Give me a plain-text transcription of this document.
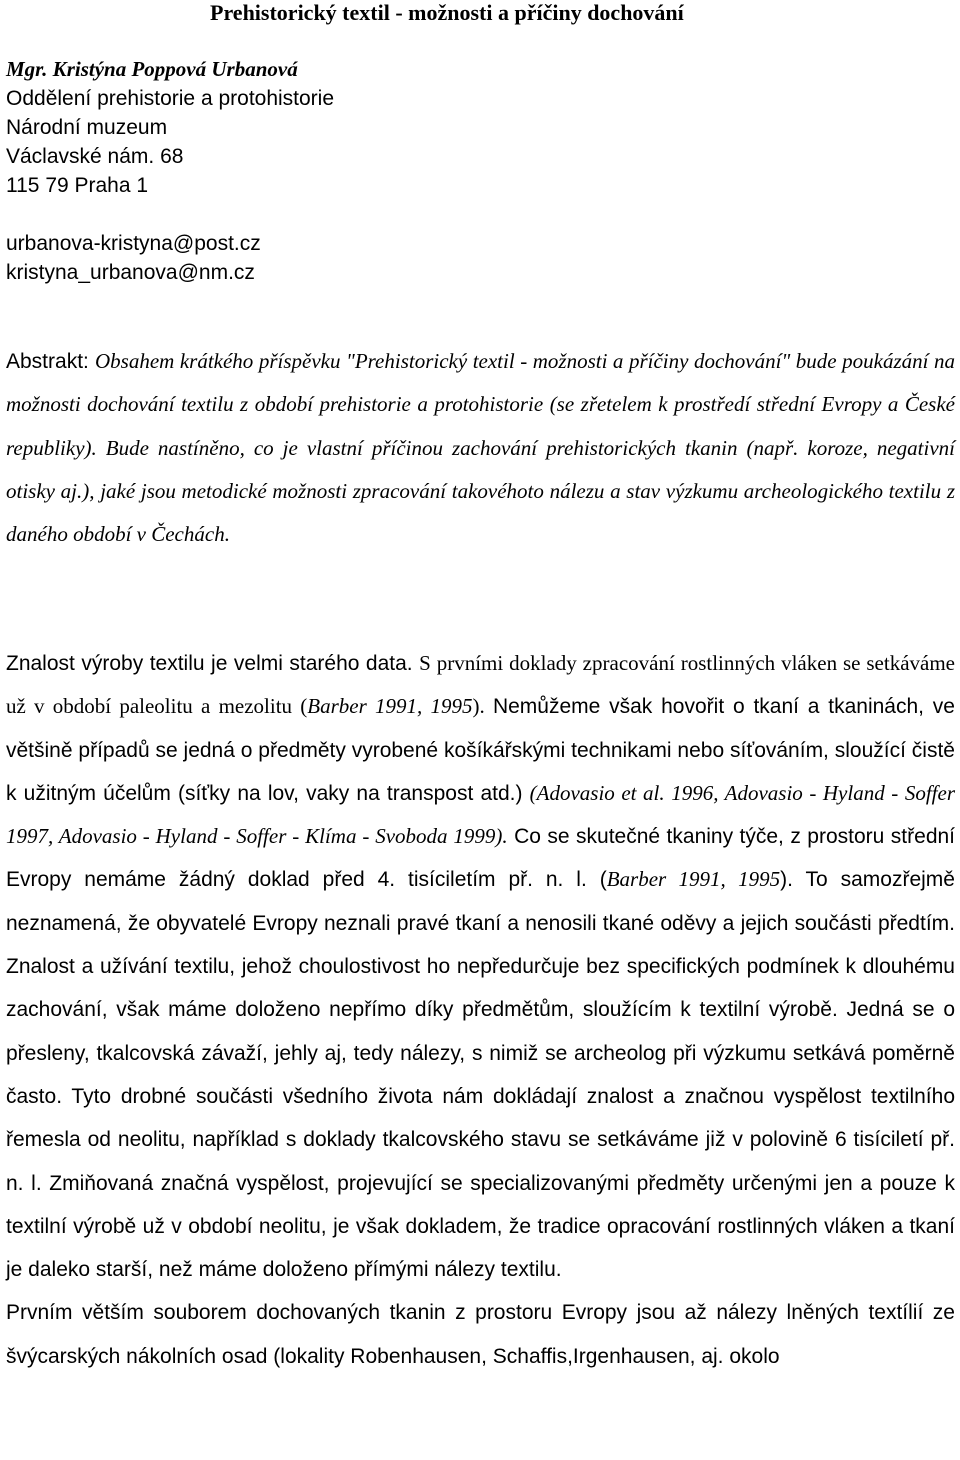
Prehistorický textil - možnosti a příčiny dochování
Mgr. Kristýna Poppová Urbanová
Oddělení prehistorie a protohistorie
Národní muzeum
Václavské nám. 68
115 79 Praha 1
urbanova-kristyna@post.cz
kristyna_urbanova@nm.cz
Abstrakt: Obsahem krátkého příspěvku "Prehistorický textil - možnosti a příčiny dochování" bude poukázání na možnosti dochování textilu z období prehistorie a protohistorie (se zřetelem k prostředí střední Evropy a České republiky). Bude nastíněno, co je vlastní příčinou zachování prehistorických tkanin (např. koroze, negativní otisky aj.), jaké jsou metodické možnosti zpracování takovéhoto nálezu a stav výzkumu archeologického textilu z daného období v Čechách.

Znalost výroby textilu je velmi starého data. S prvními doklady zpracování rostlinných vláken se setkáváme už v období paleolitu a mezolitu (Barber 1991, 1995). Nemůžeme však hovořit o tkaní a tkaninách, ve většině případů se jedná o předměty vyrobené košíkářskými technikami nebo síťováním, sloužící čistě k užitným účelům (síťky na lov, vaky na transpost atd.) (Adovasio et al. 1996, Adovasio - Hyland - Soffer 1997, Adovasio - Hyland - Soffer - Klíma - Svoboda 1999). Co se skutečné tkaniny týče, z prostoru střední Evropy nemáme žádný doklad před 4. tisíciletím př. n. l. (Barber 1991, 1995). To samozřejmě neznamená, že obyvatelé Evropy neznali pravé tkaní a nenosili tkané oděvy a jejich součásti předtím. Znalost a užívání textilu, jehož choulostivost ho nepředurčuje bez specifických podmínek k dlouhému zachování, však máme doloženo nepřímo díky předmětům, sloužícím k textilní výrobě. Jedná se o přesleny, tkalcovská závaží, jehly aj, tedy nálezy, s nimiž se archeolog při výzkumu setkává poměrně často. Tyto drobné součásti všedního života nám dokládají znalost a značnou vyspělost textilního řemesla od neolitu, například s doklady tkalcovského stavu se setkáváme již v polovině 6 tisíciletí př. n. l. Zmiňovaná značná vyspělost, projevující se specializovanými předměty určenými jen a pouze k textilní výrobě už v období neolitu, je však dokladem, že tradice opracování rostlinných vláken a tkaní je daleko starší, než máme doloženo přímými nálezy textilu.

Prvním větším souborem dochovaných tkanin z prostoru Evropy jsou až nálezy lněných textílií ze švýcarských nákolních osad (lokality Robenhausen, Schaffis,Irgenhausen, aj. okolo
